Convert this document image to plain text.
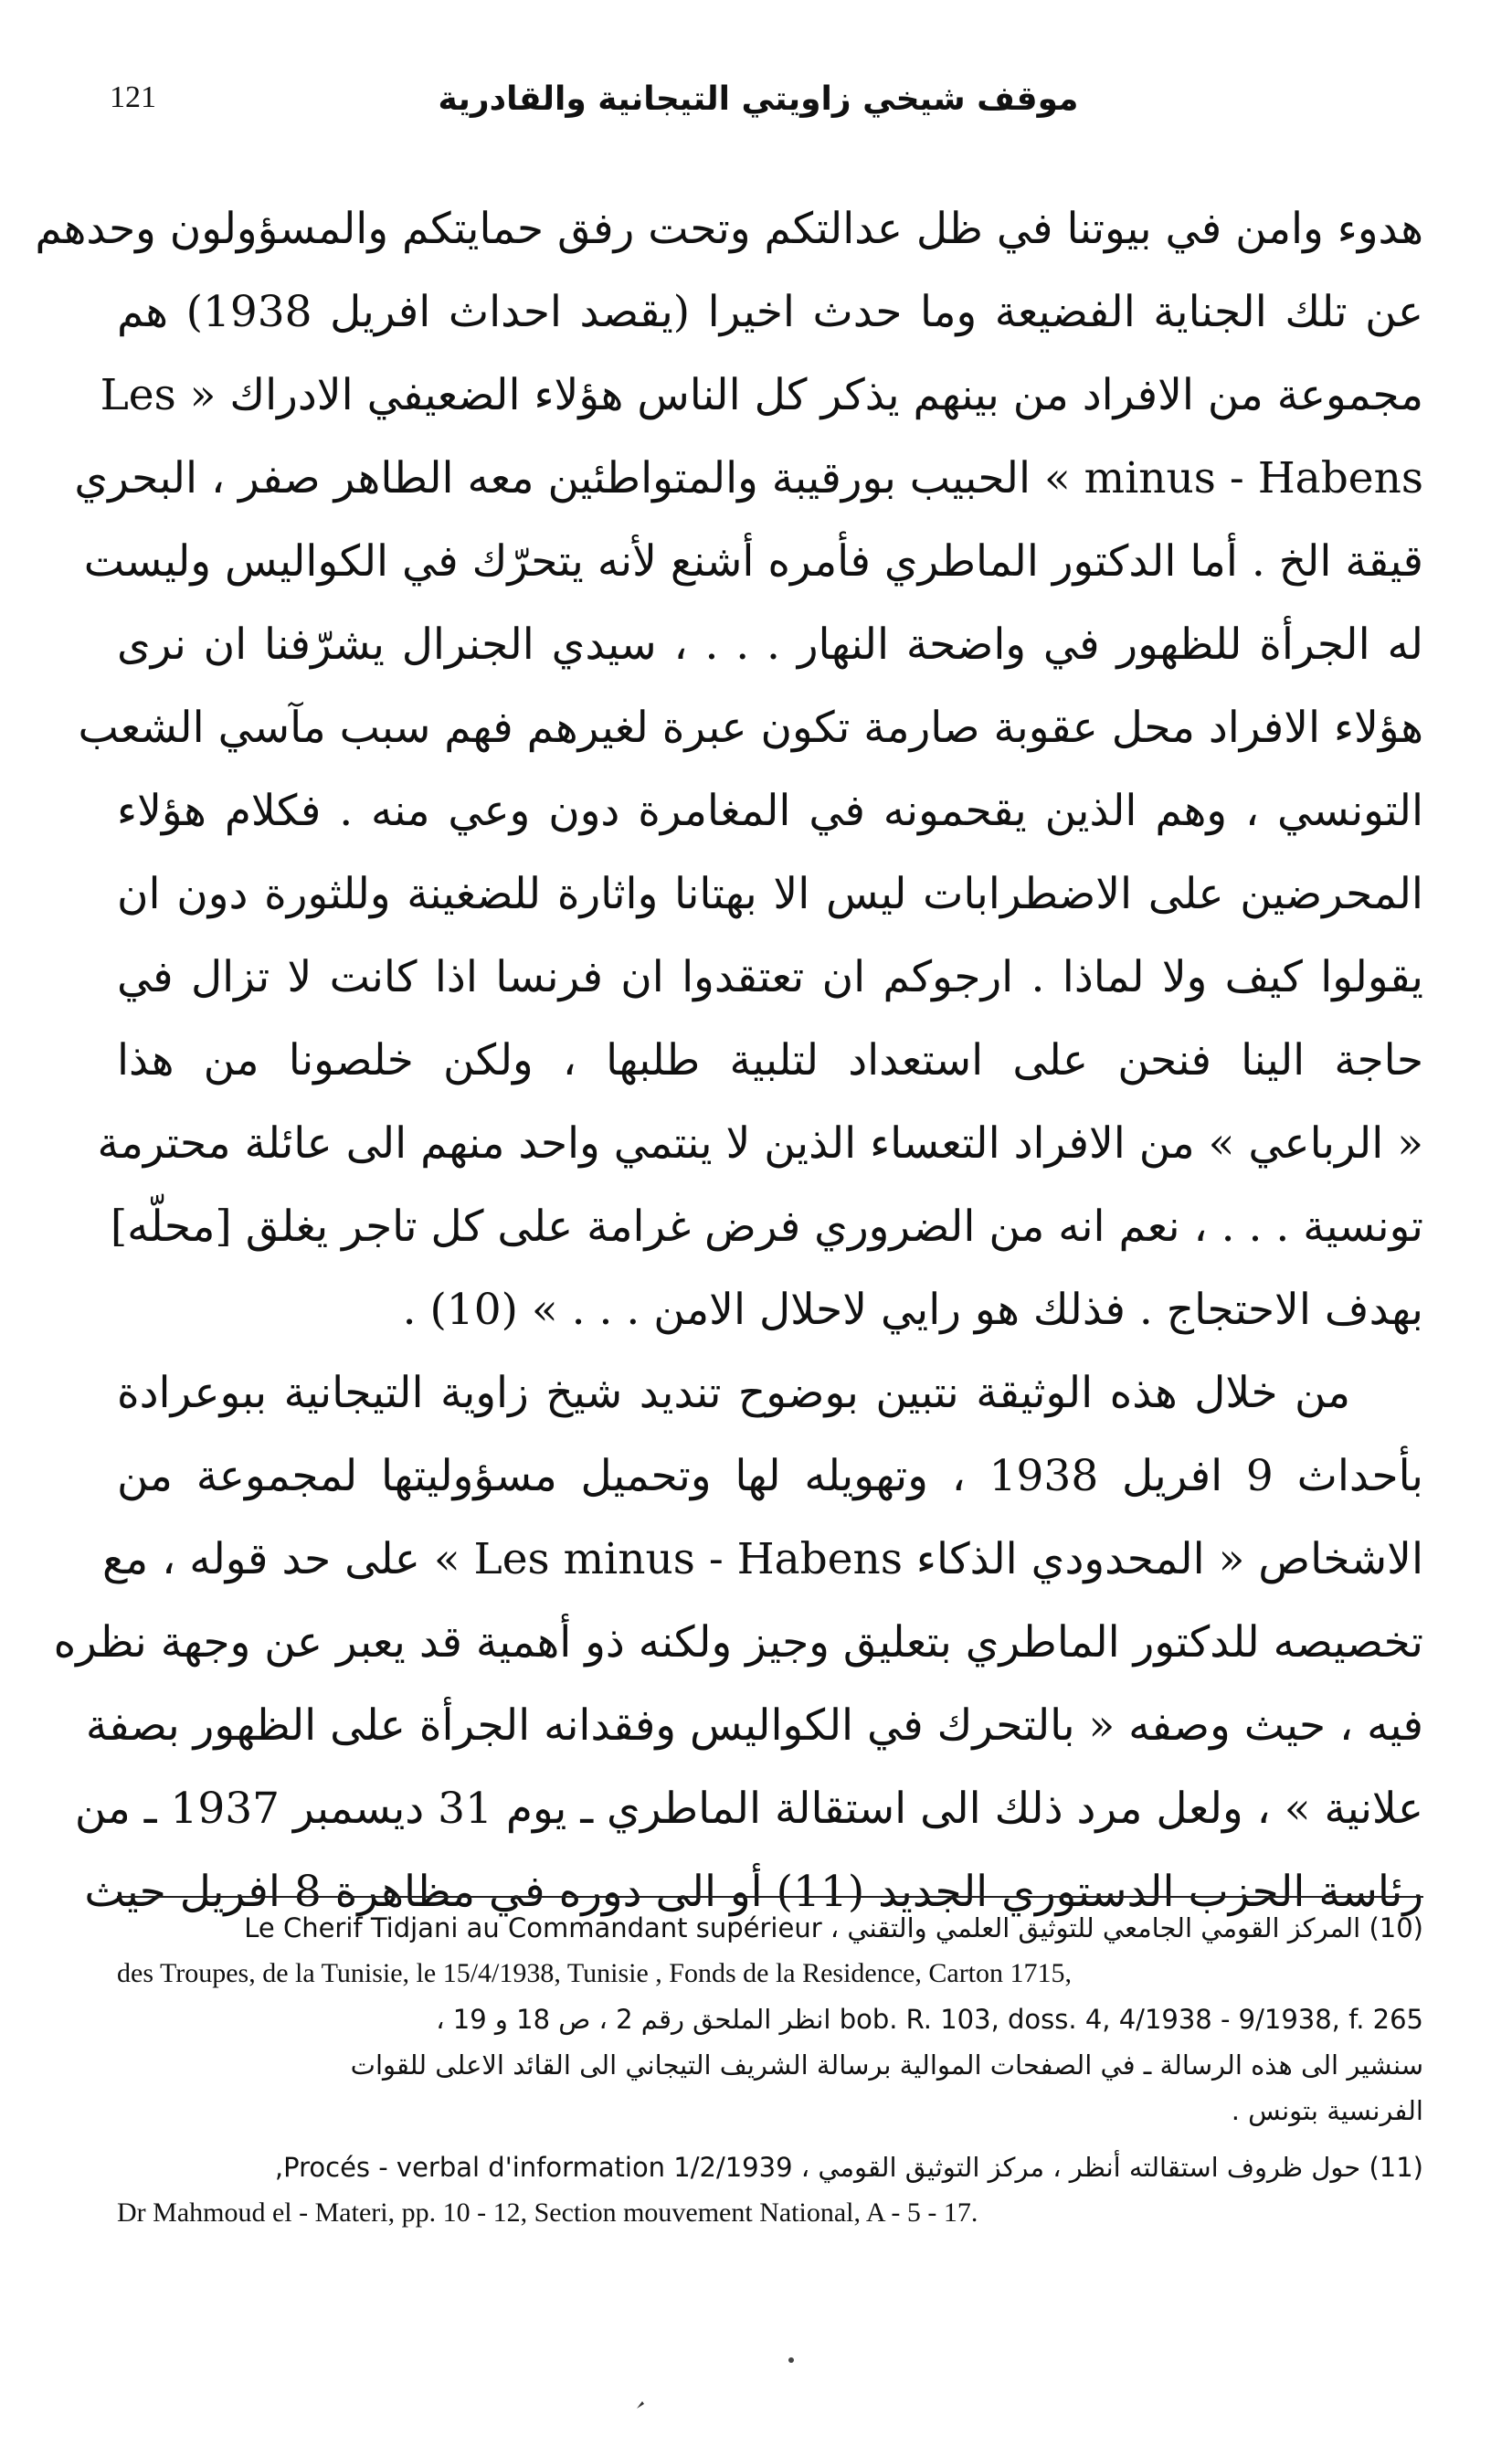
121	موقف شيخي زاويتي التيجانية والقادرية
هدوء وامن في بيوتنا في ظل عدالتكم وتحت رفق حمايتكم والمسؤولون وحدهم
عن تلك الجناية الفضيعة وما حدث اخيرا (يقصد احداث افريل 1938) هم
مجموعة من الافراد من بينهم يذكر كل الناس هؤلاء الضعيفي الادراك « Les
minus - Habens » الحبيب بورقيبة والمتواطئين معه الطاهر صفر ، البحري
قيقة الخ . أما الدكتور الماطري فأمره أشنع لأنه يتحرّك في الكواليس وليست
له الجرأة للظهور في واضحة النهار . . . ، سيدي الجنرال يشرّفنا ان نرى
هؤلاء الافراد محل عقوبة صارمة تكون عبرة لغيرهم فهم سبب مآسي الشعب
التونسي ، وهم الذين يقحمونه في المغامرة دون وعي منه . فكلام هؤلاء
المحرضين على الاضطرابات ليس الا بهتانا واثارة للضغينة وللثورة دون ان
يقولوا كيف ولا لماذا . ارجوكم ان تعتقدوا ان فرنسا اذا كانت لا تزال في
حاجة الينا فنحن على استعداد لتلبية طلبها ، ولكن خلصونا من هذا
« الرباعي » من الافراد التعساء الذين لا ينتمي واحد منهم الى عائلة محترمة
تونسية . . . ، نعم انه من الضروري فرض غرامة على كل تاجر يغلق [محلّه]
بهدف الاحتجاج . فذلك هو رايي لاحلال الامن . . . » (10) .
من خلال هذه الوثيقة نتبين بوضوح تنديد شيخ زاوية التيجانية ببوعرادة
بأحداث 9 افريل 1938 ، وتهويله لها وتحميل مسؤوليتها لمجموعة من
الاشخاص « المحدودي الذكاء Les minus - Habens » على حد قوله ، مع
تخصيصه للدكتور الماطري بتعليق وجيز ولكنه ذو أهمية قد يعبر عن وجهة نظره
فيه ، حيث وصفه « بالتحرك في الكواليس وفقدانه الجرأة على الظهور بصفة
علانية » ، ولعل مرد ذلك الى استقالة الماطري ـ يوم 31 ديسمبر 1937 ـ من
رئاسة الحزب الدستوري الجديد (11) أو الى دوره في مظاهرة 8 افريل حيث
(10) المركز القومي الجامعي للتوثيق العلمي والتقني ، Le Cherif Tidjani au Commandant supérieur
des Troupes, de la Tunisie, le 15/4/1938, Tunisie , Fonds de la Residence, Carton 1715,
bob. R. 103, doss. 4, 4/1938 - 9/1938, f. 265 انظر الملحق رقم 2 ، ص 18 و 19 ،
سنشير الى هذه الرسالة ـ في الصفحات الموالية برسالة الشريف التيجاني الى القائد الاعلى للقوات
الفرنسية بتونس .
(11) حول ظروف استقالته أنظر ، مركز التوثيق القومي ، Procés - verbal d'information 1/2/1939,
Dr Mahmoud el - Materi, pp. 10 - 12, Section mouvement National, A - 5 - 17.
